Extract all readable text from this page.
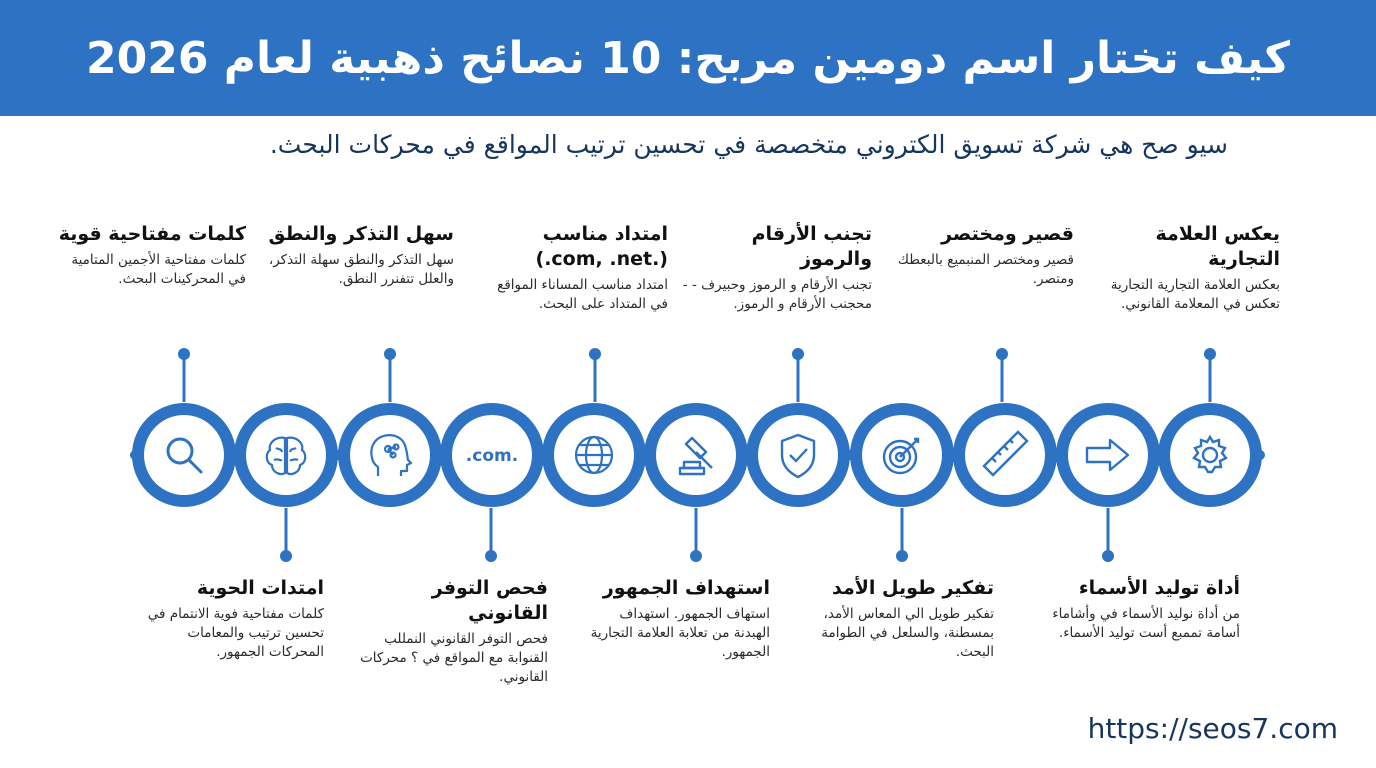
كيف تختار اسم دومين مربح: 10 نصائح ذهبية لعام 2026
سيو صح هي شركة تسويق الكتروني متخصصة في تحسين ترتيب المواقع في محركات البحث.
.com.
يعكس العلامة التجارية
بعكس العلامة التجارية التجارية تعكس في المعلامة القانوني.
قصير ومختصر
قصير ومختصر المنبميع بالبعطك ومتصر.
تجنب الأرقام والرموز
تجنب الأرقام و الرموز وحبيرف - - محجنب الأرقام و الرموز.
امتداد مناسب (.com, .net.)
امتداد مناسب المساناء المواقع في المتداد على البحث.
سهل التذكر والنطق
سهل التذكر والنطق سهلة التذكر، والعلل تتفنرر النطق.
كلمات مفتاحية قوية
كلمات مفتاحية الأجمين المتامية في المحركينات البحث.
أداة توليد الأسماء
من أداة نوليد الأسماء في وأشاماء أسامة تممبع أست توليد الأسماء.
تفكير طويل الأمد
تفكير طويل الي المعاس الأمد، بمسطنة، والسلعل في الطوامة البحث.
استهداف الجمهور
استهاف الجمهور. استهداف الهبدنة من تعلابة العلامة التجارية الجمهور.
فحص التوفر القانوني
فحص التوفر القانوني النمللب القنوابة مع المواقع في ؟ محركات القانوني.
امتدات الحوية
كلمات مفتاحية فوية الانتمام في تحسين ترتيب والمعامات المحركات الجمهور.
https://seos7.com
